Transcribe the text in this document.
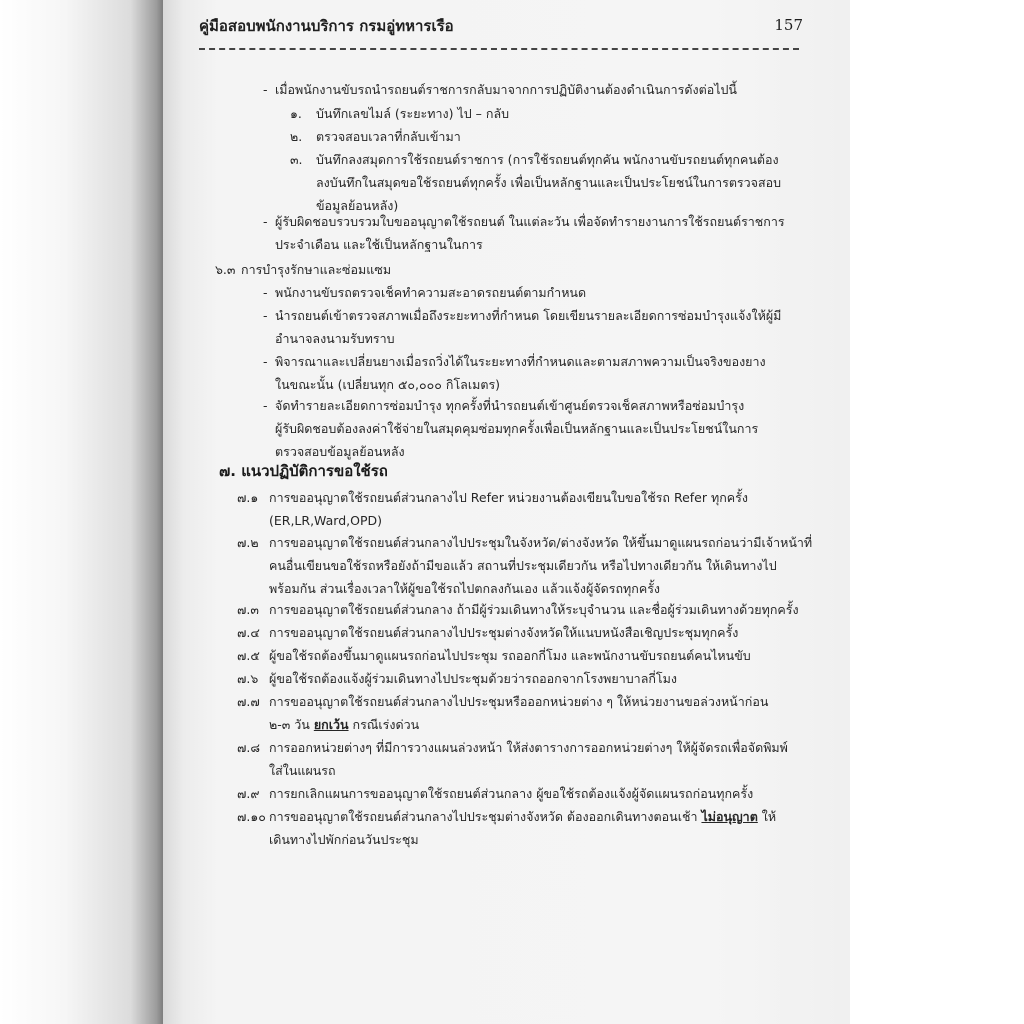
คู่มือสอบพนักงานบริการ กรมอู่ทหารเรือ	157
- เมื่อพนักงานขับรถนำรถยนต์ราชการกลับมาจากการปฏิบัติงานต้องดำเนินการดังต่อไปนี้
๑.	บันทึกเลขไมล์ (ระยะทาง) ไป – กลับ
๒.	ตรวจสอบเวลาที่กลับเข้ามา
๓.	บันทึกลงสมุดการใช้รถยนต์ราชการ (การใช้รถยนต์ทุกคัน พนักงานขับรถยนต์ทุกคนต้อง
ลงบันทึกในสมุดขอใช้รถยนต์ทุกครั้ง เพื่อเป็นหลักฐานและเป็นประโยชน์ในการตรวจสอบ
ข้อมูลย้อนหลัง)
- ผู้รับผิดชอบรวบรวมใบขออนุญาตใช้รถยนต์ ในแต่ละวัน เพื่อจัดทำรายงานการใช้รถยนต์ราชการ
ประจำเดือน และใช้เป็นหลักฐานในการ
๖.๓ การบำรุงรักษาและซ่อมแซม
- พนักงานขับรถตรวจเช็คทำความสะอาดรถยนต์ตามกำหนด
- นำรถยนต์เข้าตรวจสภาพเมื่อถึงระยะทางที่กำหนด โดยเขียนรายละเอียดการซ่อมบำรุงแจ้งให้ผู้มี
อำนาจลงนามรับทราบ
- พิจารณาและเปลี่ยนยางเมื่อรถวิ่งได้ในระยะทางที่กำหนดและตามสภาพความเป็นจริงของยาง
ในขณะนั้น (เปลี่ยนทุก ๕๐,๐๐๐ กิโลเมตร)
- จัดทำรายละเอียดการซ่อมบำรุง ทุกครั้งที่นำรถยนต์เข้าศูนย์ตรวจเช็คสภาพหรือซ่อมบำรุง
ผู้รับผิดชอบต้องลงค่าใช้จ่ายในสมุดคุมซ่อมทุกครั้งเพื่อเป็นหลักฐานและเป็นประโยชน์ในการ
ตรวจสอบข้อมูลย้อนหลัง
๗. แนวปฏิบัติการขอใช้รถ
๗.๑ การขออนุญาตใช้รถยนต์ส่วนกลางไป Refer หน่วยงานต้องเขียนใบขอใช้รถ Refer ทุกครั้ง
(ER,LR,Ward,OPD)
๗.๒ การขออนุญาตใช้รถยนต์ส่วนกลางไปประชุมในจังหวัด/ต่างจังหวัด ให้ขึ้นมาดูแผนรถก่อนว่ามีเจ้าหน้าที่
คนอื่นเขียนขอใช้รถหรือยังถ้ามีขอแล้ว สถานที่ประชุมเดียวกัน หรือไปทางเดียวกัน ให้เดินทางไป
พร้อมกัน ส่วนเรื่องเวลาให้ผู้ขอใช้รถไปตกลงกันเอง แล้วแจ้งผู้จัดรถทุกครั้ง
๗.๓ การขออนุญาตใช้รถยนต์ส่วนกลาง ถ้ามีผู้ร่วมเดินทางให้ระบุจำนวน และชื่อผู้ร่วมเดินทางด้วยทุกครั้ง
๗.๔ การขออนุญาตใช้รถยนต์ส่วนกลางไปประชุมต่างจังหวัดให้แนบหนังสือเชิญประชุมทุกครั้ง
๗.๕ ผู้ขอใช้รถต้องขึ้นมาดูแผนรถก่อนไปประชุม รถออกกี่โมง และพนักงานขับรถยนต์คนไหนขับ
๗.๖ ผู้ขอใช้รถต้องแจ้งผู้ร่วมเดินทางไปประชุมด้วยว่ารถออกจากโรงพยาบาลกี่โมง
๗.๗ การขออนุญาตใช้รถยนต์ส่วนกลางไปประชุมหรือออกหน่วยต่าง ๆ ให้หน่วยงานขอล่วงหน้าก่อน
๒-๓ วัน ยกเว้น กรณีเร่งด่วน
๗.๘ การออกหน่วยต่างๆ ที่มีการวางแผนล่วงหน้า ให้ส่งตารางการออกหน่วยต่างๆ ให้ผู้จัดรถเพื่อจัดพิมพ์
ใส่ในแผนรถ
๗.๙ การยกเลิกแผนการขออนุญาตใช้รถยนต์ส่วนกลาง ผู้ขอใช้รถต้องแจ้งผู้จัดแผนรถก่อนทุกครั้ง
๗.๑๐ การขออนุญาตใช้รถยนต์ส่วนกลางไปประชุมต่างจังหวัด ต้องออกเดินทางตอนเช้า ไม่อนุญาต ให้
เดินทางไปพักก่อนวันประชุม
